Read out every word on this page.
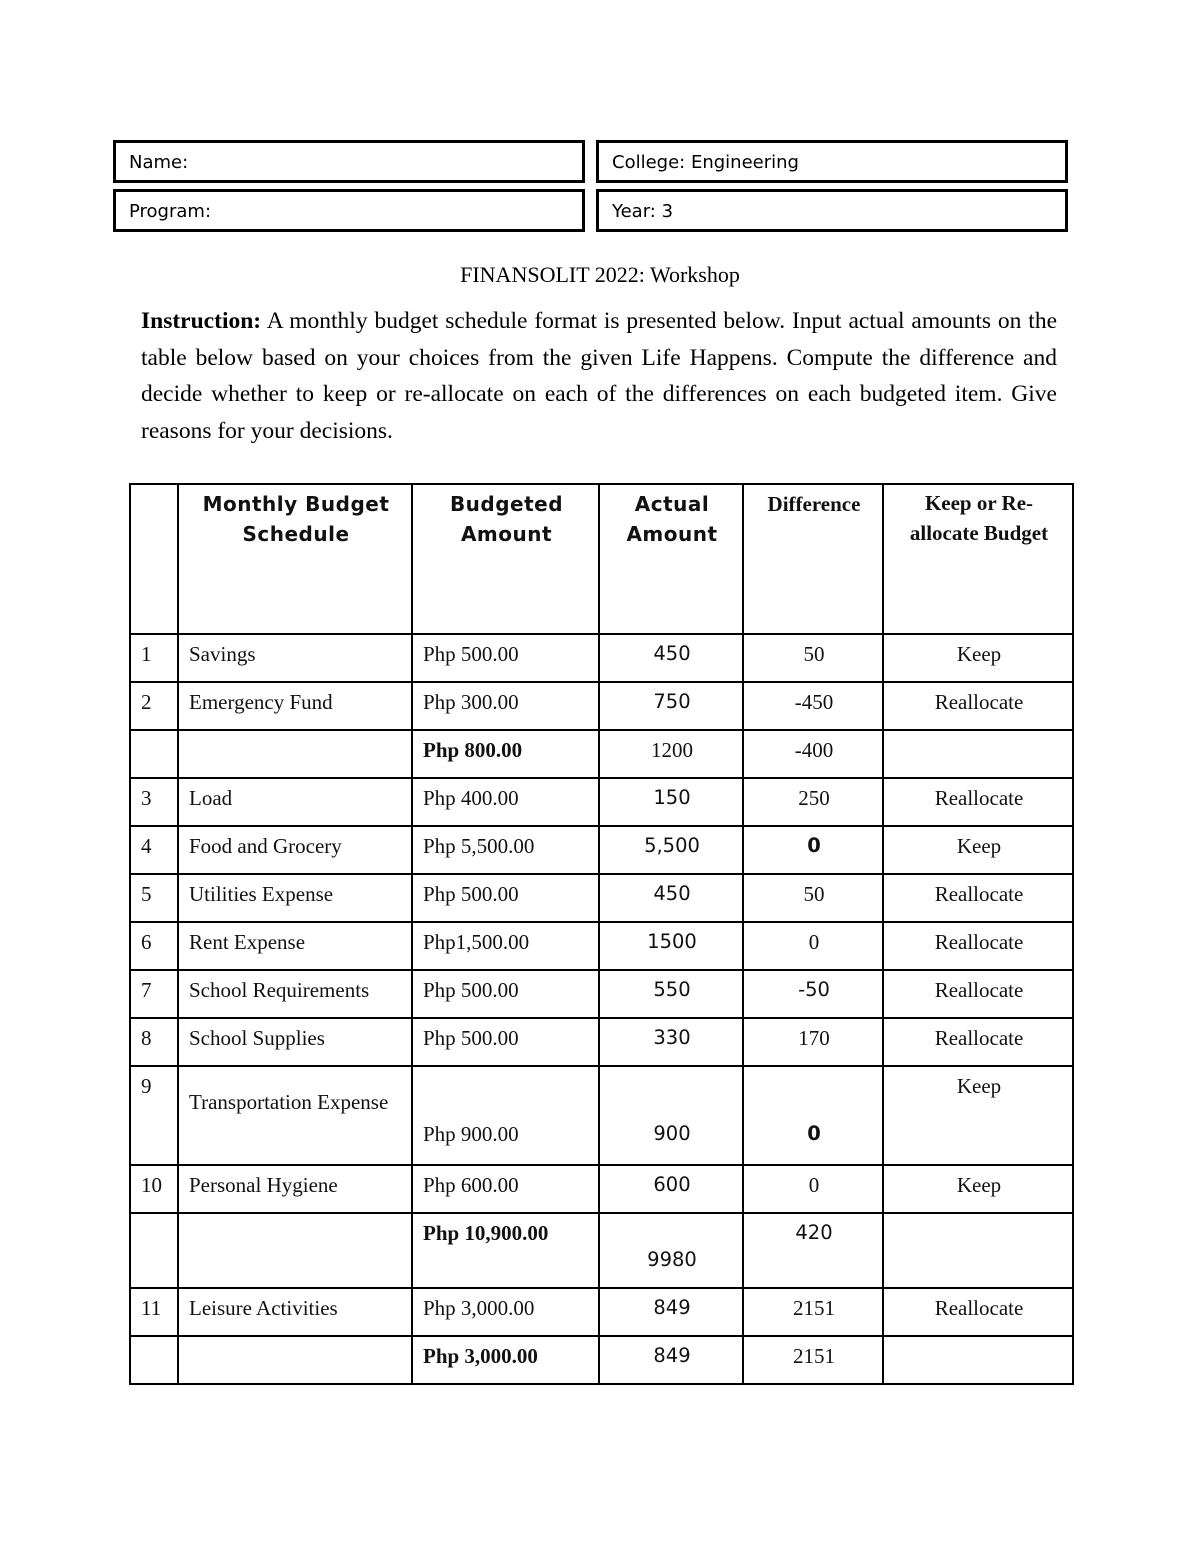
Name:	College: Engineering
Program:	Year: 3
FINANSOLIT 2022: Workshop
Instruction: A monthly budget schedule format is presented below. Input actual amounts on the table below based on your choices from the given Life Happens. Compute the difference and decide whether to keep or re-allocate on each of the differences on each budgeted item. Give reasons for your decisions.
	Monthly Budget Schedule	Budgeted Amount	Actual Amount	Difference	Keep or Re-allocate Budget
1	Savings	Php 500.00	450	50	Keep
2	Emergency Fund	Php 300.00	750	-450	Reallocate
		Php 800.00	1200	-400	
3	Load	Php 400.00	150	250	Reallocate
4	Food and Grocery	Php 5,500.00	5,500	0	Keep
5	Utilities Expense	Php 500.00	450	50	Reallocate
6	Rent Expense	Php1,500.00	1500	0	Reallocate
7	School Requirements	Php 500.00	550	-50	Reallocate
8	School Supplies	Php 500.00	330	170	Reallocate
9	Transportation Expense	Php 900.00	900	0	Keep
10	Personal Hygiene	Php 600.00	600	0	Keep
		Php 10,900.00	9980	420	
11	Leisure Activities	Php 3,000.00	849	2151	Reallocate
		Php 3,000.00	849	2151	
